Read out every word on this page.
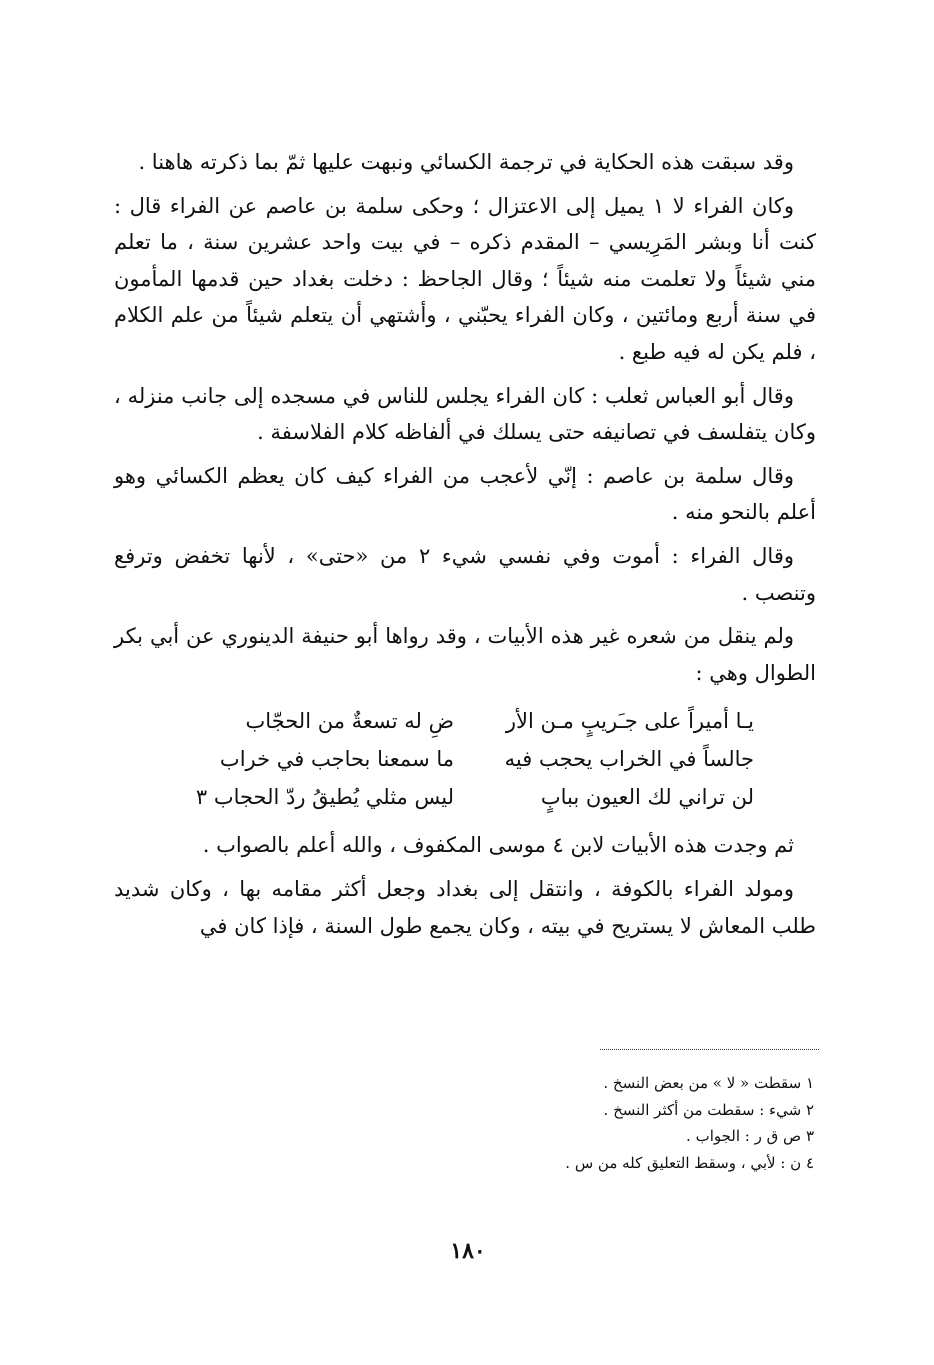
وقد سبقت هذه الحكاية في ترجمة الكسائي ونبهت عليها ثمّ بما ذكرته هاهنا .

وكان الفراء لا ١ يميل إلى الاعتزال ؛ وحكى سلمة بن عاصم عن الفراء قال : كنت أنا وبشر المَرِيسي – المقدم ذكره – في بيت واحد عشرين سنة ، ما تعلم مني شيئاً ولا تعلمت منه شيئاً ؛ وقال الجاحظ : دخلت بغداد حين قدمها المأمون في سنة أربع ومائتين ، وكان الفراء يحبّني ، وأشتهي أن يتعلم شيئاً من علم الكلام ، فلم يكن له فيه طبع .

وقال أبو العباس ثعلب : كان الفراء يجلس للناس في مسجده إلى جانب منزله ، وكان يتفلسف في تصانيفه حتى يسلك في ألفاظه كلام الفلاسفة .

وقال سلمة بن عاصم : إنّي لأعجب من الفراء كيف كان يعظم الكسائي وهو أعلم بالنحو منه .

وقال الفراء : أموت وفي نفسي شيء ٢ من «حتى» ، لأنها تخفض وترفع وتنصب .

ولم ينقل من شعره غير هذه الأبيات ، وقد رواها أبو حنيفة الدينوري عن أبي بكر الطوال وهي :

يـا أميراً على جـَريبٍ مـن الأر
ضِ له تسعةٌ من الحجّاب
جالساً في الخراب يحجب فيه
ما سمعنا بحاجب في خراب
لن تراني لك العيون ببابٍ
ليس مثلي يُطيقُ ردّ الحجاب ٣

ثم وجدت هذه الأبيات لابن ٤ موسى المكفوف ، والله أعلم بالصواب .

ومولد الفراء بالكوفة ، وانتقل إلى بغداد وجعل أكثر مقامه بها ، وكان شديد طلب المعاش لا يستريح في بيته ، وكان يجمع طول السنة ، فإذا كان في

١ سقطت « لا » من بعض النسخ .

٢ شيء : سقطت من أكثر النسخ .

٣ ص ق ر : الجواب .

٤ ن : لأبي ، وسقط التعليق كله من س .

١٨٠
